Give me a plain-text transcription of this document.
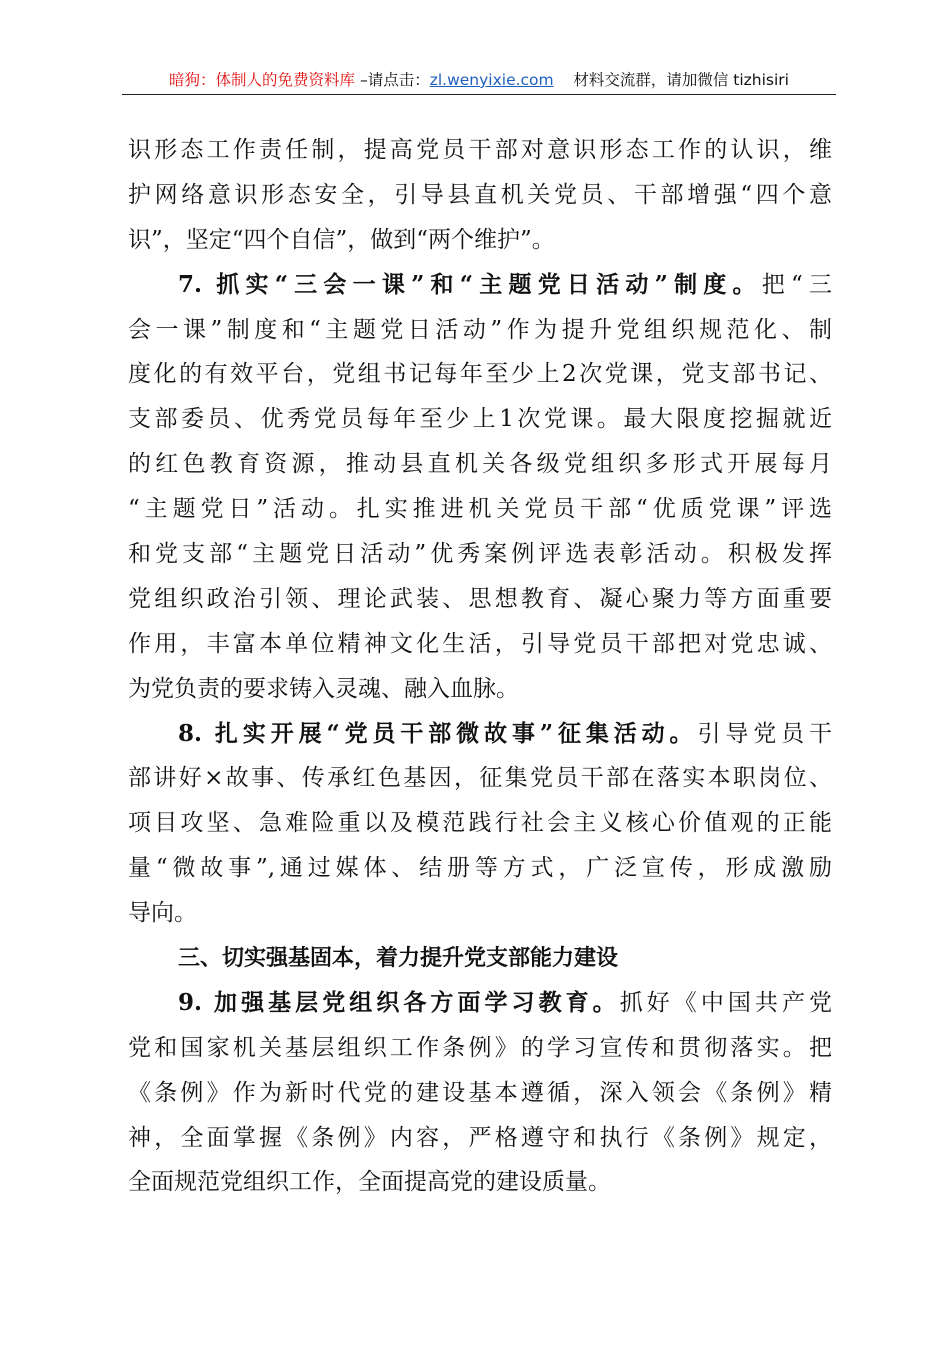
暗狗：体制人的免费资料库 –请点击：zl.wenyixie.com    材料交流群，请加微信 tizhisiri
识形态工作责任制，提高党员干部对意识形态工作的认识，维
护网络意识形态安全，引导县直机关党员、干部增强“四个意
识”，坚定“四个自信”，做到“两个维护”。
7. 抓实“三会一课”和“主题党日活动”制度。把“三
会一课”制度和“主题党日活动”作为提升党组织规范化、制
度化的有效平台，党组书记每年至少上2次党课，党支部书记、
支部委员、优秀党员每年至少上1次党课。最大限度挖掘就近
的红色教育资源，推动县直机关各级党组织多形式开展每月
“主题党日”活动。扎实推进机关党员干部“优质党课”评选
和党支部“主题党日活动”优秀案例评选表彰活动。积极发挥
党组织政治引领、理论武装、思想教育、凝心聚力等方面重要
作用，丰富本单位精神文化生活，引导党员干部把对党忠诚、
为党负责的要求铸入灵魂、融入血脉。
8. 扎实开展“党员干部微故事”征集活动。引导党员干
部讲好×故事、传承红色基因，征集党员干部在落实本职岗位、
项目攻坚、急难险重以及模范践行社会主义核心价值观的正能
量“微故事”,通过媒体、结册等方式，广泛宣传，形成激励
导向。
三、切实强基固本，着力提升党支部能力建设
9. 加强基层党组织各方面学习教育。抓好《中国共产党
党和国家机关基层组织工作条例》的学习宣传和贯彻落实。把
《条例》作为新时代党的建设基本遵循，深入领会《条例》精
神，全面掌握《条例》内容，严格遵守和执行《条例》规定，
全面规范党组织工作，全面提高党的建设质量。
